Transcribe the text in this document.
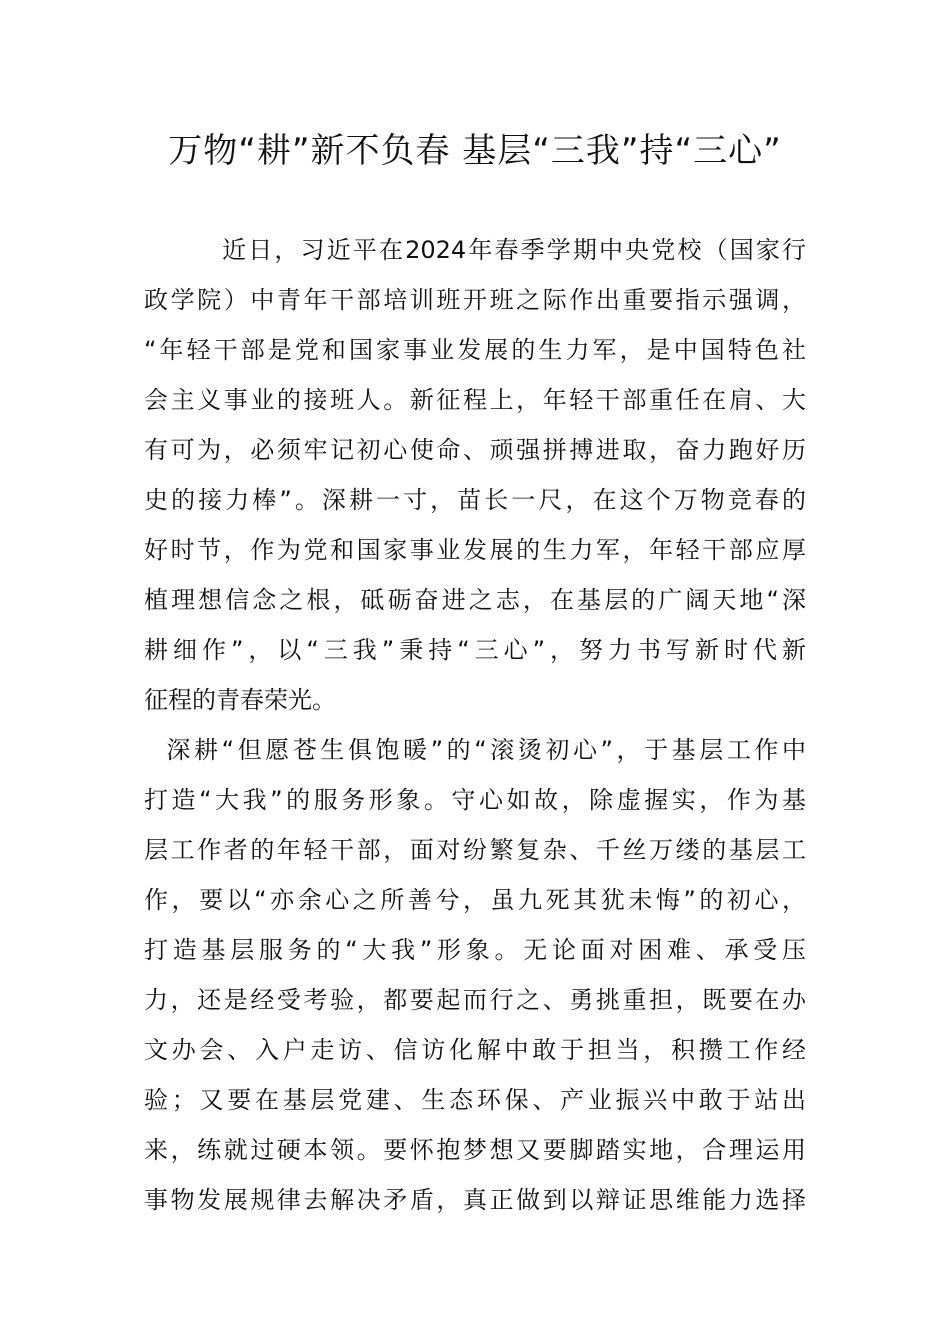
万物“耕”新不负春 基层“三我”持“三心”

近日，习近平在2024年春季学期中央党校（国家行

政学院）中青年干部培训班开班之际作出重要指示强调，

“年轻干部是党和国家事业发展的生力军，是中国特色社

会主义事业的接班人。新征程上，年轻干部重任在肩、大

有可为，必须牢记初心使命、顽强拼搏进取，奋力跑好历

史的接力棒”。深耕一寸，苗长一尺，在这个万物竞春的

好时节，作为党和国家事业发展的生力军，年轻干部应厚

植理想信念之根，砥砺奋进之志，在基层的广阔天地“深

耕细作”，以“三我”秉持“三心”，努力书写新时代新

征程的青春荣光。

深耕“但愿苍生俱饱暖”的“滚烫初心”，于基层工作中

打造“大我”的服务形象。守心如故，除虚握实，作为基

层工作者的年轻干部，面对纷繁复杂、千丝万缕的基层工

作，要以“亦余心之所善兮，虽九死其犹未悔”的初心，

打造基层服务的“大我”形象。无论面对困难、承受压

力，还是经受考验，都要起而行之、勇挑重担，既要在办

文办会、入户走访、信访化解中敢于担当，积攒工作经

验；又要在基层党建、生态环保、产业振兴中敢于站出

来，练就过硬本领。要怀抱梦想又要脚踏实地，合理运用

事物发展规律去解决矛盾，真正做到以辩证思维能力选择
